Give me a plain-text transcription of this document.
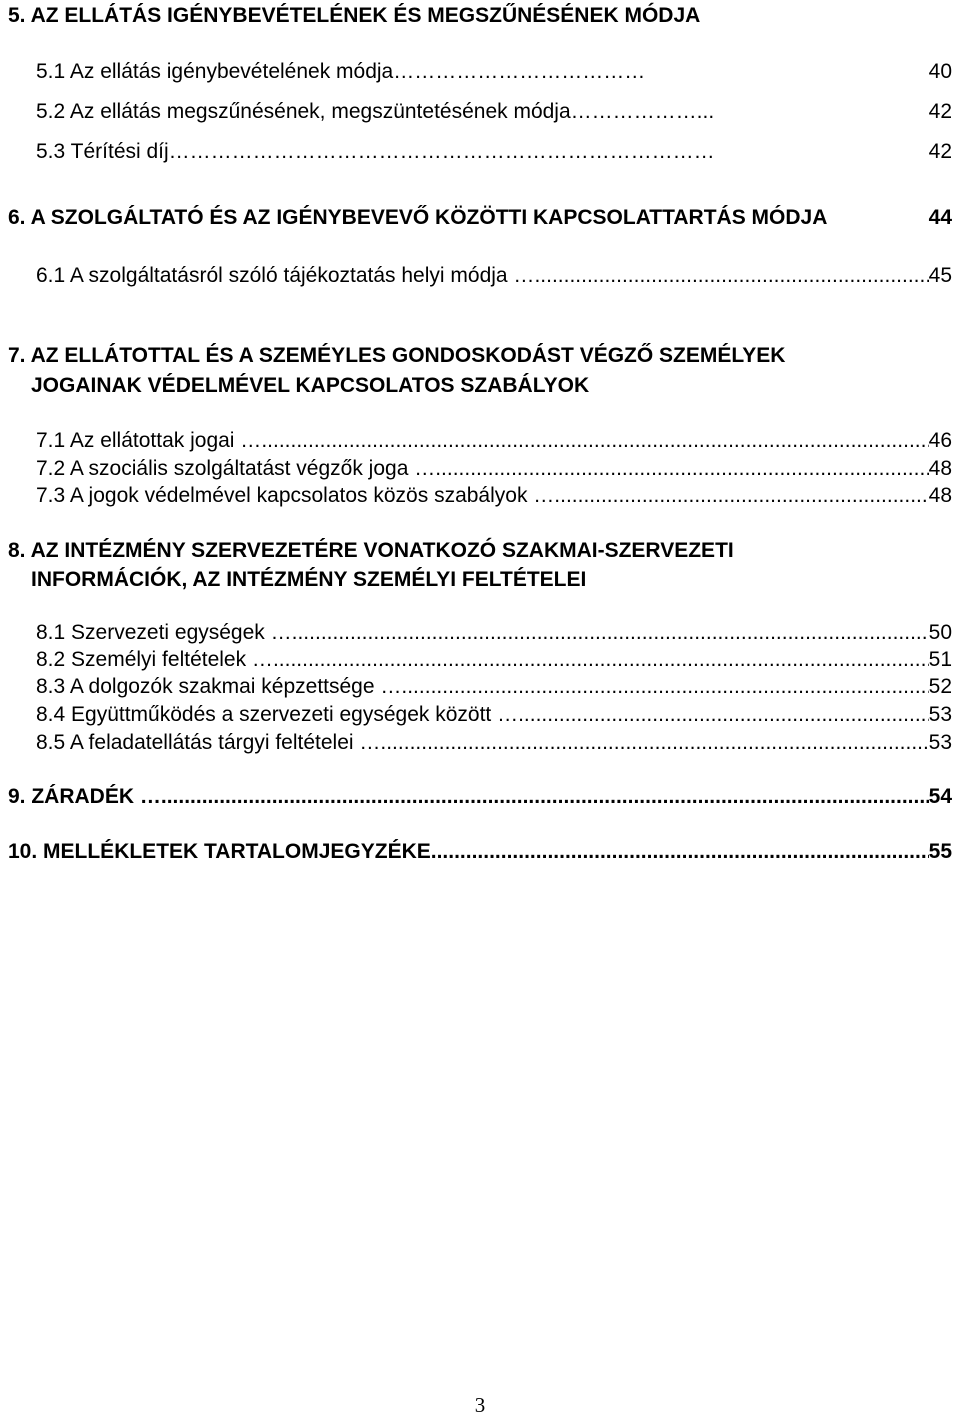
5. AZ ELLÁTÁS IGÉNYBEVÉTELÉNEK ÉS MEGSZŰNÉSÉNEK MÓDJA
5.1 Az ellátás igénybevételének módja………………………………	40
5.2 Az ellátás megszűnésének, megszüntetésének módja………………...	42
5.3 Térítési díj……………………………………………………………………	42
6. A SZOLGÁLTATÓ ÉS AZ IGÉNYBEVEVŐ KÖZÖTTI KAPCSOLATTARTÁS MÓDJA	44
6.1 A szolgáltatásról szóló tájékoztatás helyi módja … .....	45
7. AZ ELLÁTOTTAL ÉS A SZEMÉYLES GONDOSKODÁST VÉGZŐ SZEMÉLYEK
JOGAINAK VÉDELMÉVEL KAPCSOLATOS SZABÁLYOK
7.1 Az ellátottak jogai … .....	46
7.2 A szociális szolgáltatást végzők joga … .....	48
7.3 A jogok védelmével kapcsolatos közös szabályok … .....	48
8. AZ INTÉZMÉNY SZERVEZETÉRE VONATKOZÓ SZAKMAI-SZERVEZETI
INFORMÁCIÓK, AZ INTÉZMÉNY SZEMÉLYI FELTÉTELEI
8.1 Szervezeti egységek … .....	50
8.2 Személyi feltételek … .....	51
8.3 A dolgozók szakmai képzettsége … .....	52
8.4 Együttműködés a szervezeti egységek között … .....	53
8.5 A feladatellátás tárgyi feltételei … .....	53
9. ZÁRADÉK … .....	54
10. MELLÉKLETEK TARTALOMJEGYZÉKE .....	55
3
